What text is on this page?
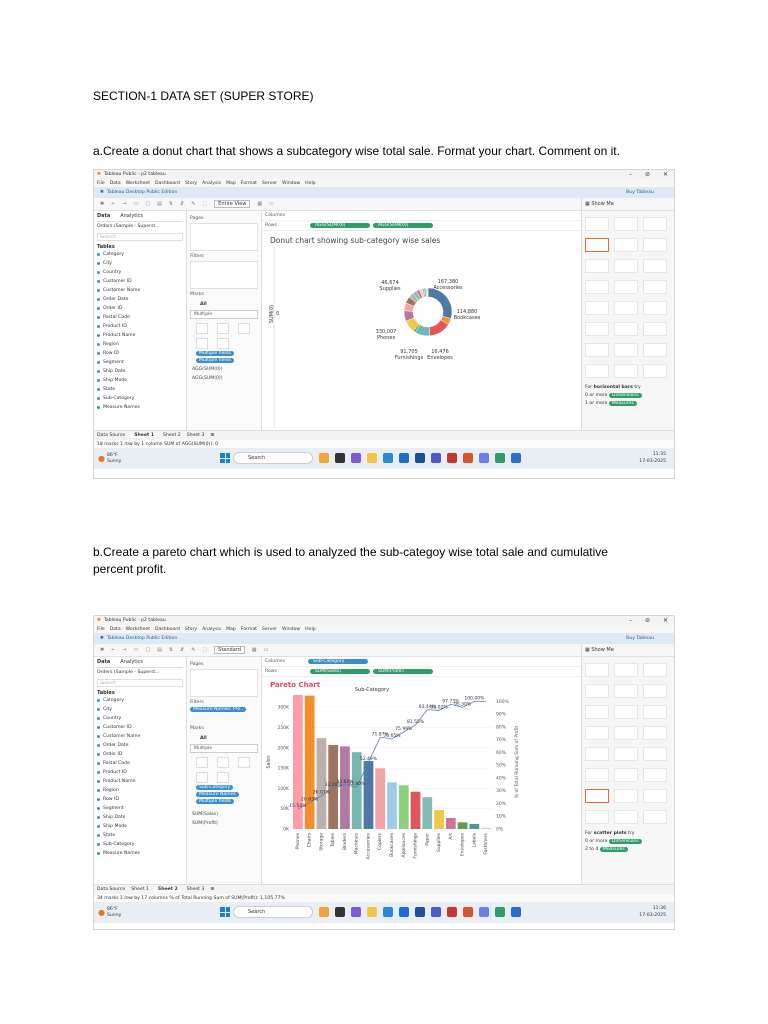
SECTION-1 DATA SET (SUPER STORE)
a.Create a donut chart that shows a subcategory wise total sale. Format your chart. Comment on it.
✱ Tableau Public - p2 tableau	– ⊘ ✕
File Data Worksheet Dashboard Story Analysis Map Format Server Window Help
✱ Tableau Desktop Public Edition	Buy Tableau
✱ ← → ▭ ▢ ▤ ⇅ ⇵ ✎ ⬚	Entire View	▦ ▭	▦ Show Me
Data Analytics
Orders (Sample - Superst...
Search
Tables
Category
City
Country
Customer ID
Customer Name
Order Date
Order ID
Postal Code
Product ID
Product Name
Region
Row ID
Segment
Ship Date
Ship Mode
State
Sub-Category
Measure Names
Pages
Filters
Marks
All
Multiple
Multiple fields
Multiple fields
AGG(SUM(0))
AGG(SUM(0))
Columns
Rows	AGG(SUM(0))	AGG(SUM(0))
Donut chart showing sub-category wise sales
SUM(0) 0
46,674
Supplies
167,380
Accessories
114,880
Bookcases
16,476
Envelopes
91,705
Furnishings
330,007
Phones
For horizontal bars try
0 or more Dimensions
1 or more Measures
Data Source	Sheet 1	Sheet 2 Sheet 3 ⊞
18 marks 1 row by 1 column SUM of AGG(SUM(0)): 0
● 86°F
Sunny	Search
11:35
17-03-2025
b.Create a pareto chart which is used to analyzed the sub-categoy wise total sale and cumulative
percent profit.
✱ Tableau Public - p2 tableau	– ⊘ ✕
File Data Worksheet Dashboard Story Analysis Map Format Server Window Help
✱ Tableau Desktop Public Edition	Buy Tableau
✱ ← → ▭ ▢ ▤ ⇅ ⇵ ✎ ⬚	Standard	▦ ▭	▦ Show Me
Data Analytics
Orders (Sample - Superst...
Search
Tables
Category
City
Country
Customer ID
Customer Name
Order Date
Order ID
Postal Code
Product ID
Product Name
Region
Row ID
Segment
Ship Date
Ship Mode
State
Sub-Category
Measure Names
Pages
Filters
Measure Names: Pro..
Marks
All
Multiple
Sub-Category
Measure Names
Multiple fields
SUM(Sales)
SUM(Profit)
Columns	Sub-Category
Rows	SUM(Sales)	SUM(Profit)
Pareto Chart
0K
50K
100K
150K
200K
250K
300K
Sales
Sub-Category
Phones Chairs Storage Tables Binders Machines Accessories Copiers Bookcases Appliances Furnishings Paper Supplies Art Envelopes Labels Fasteners
15.54%
20.83%
26.07%
32.26%
34.62%
32.80%
52.49%
71.87%
70.65%
75.99%
81.55%
93.44%
93.02%
97.73%
95.30%
100.00%
0%
10%
20%
30%
40%
50%
60%
70%
80%
90%
100%
% of Total Running Sum of Profit
For scatter plots try
0 or more Dimensions
2 to 4 Measures
Data Source Sheet 1	Sheet 2	Sheet 3 ⊞
34 marks 1 row by 17 columns % of Total Running Sum of SUM(Profit): 1,105.77%
● 86°F
Sunny	Search
11:36
17-03-2025
